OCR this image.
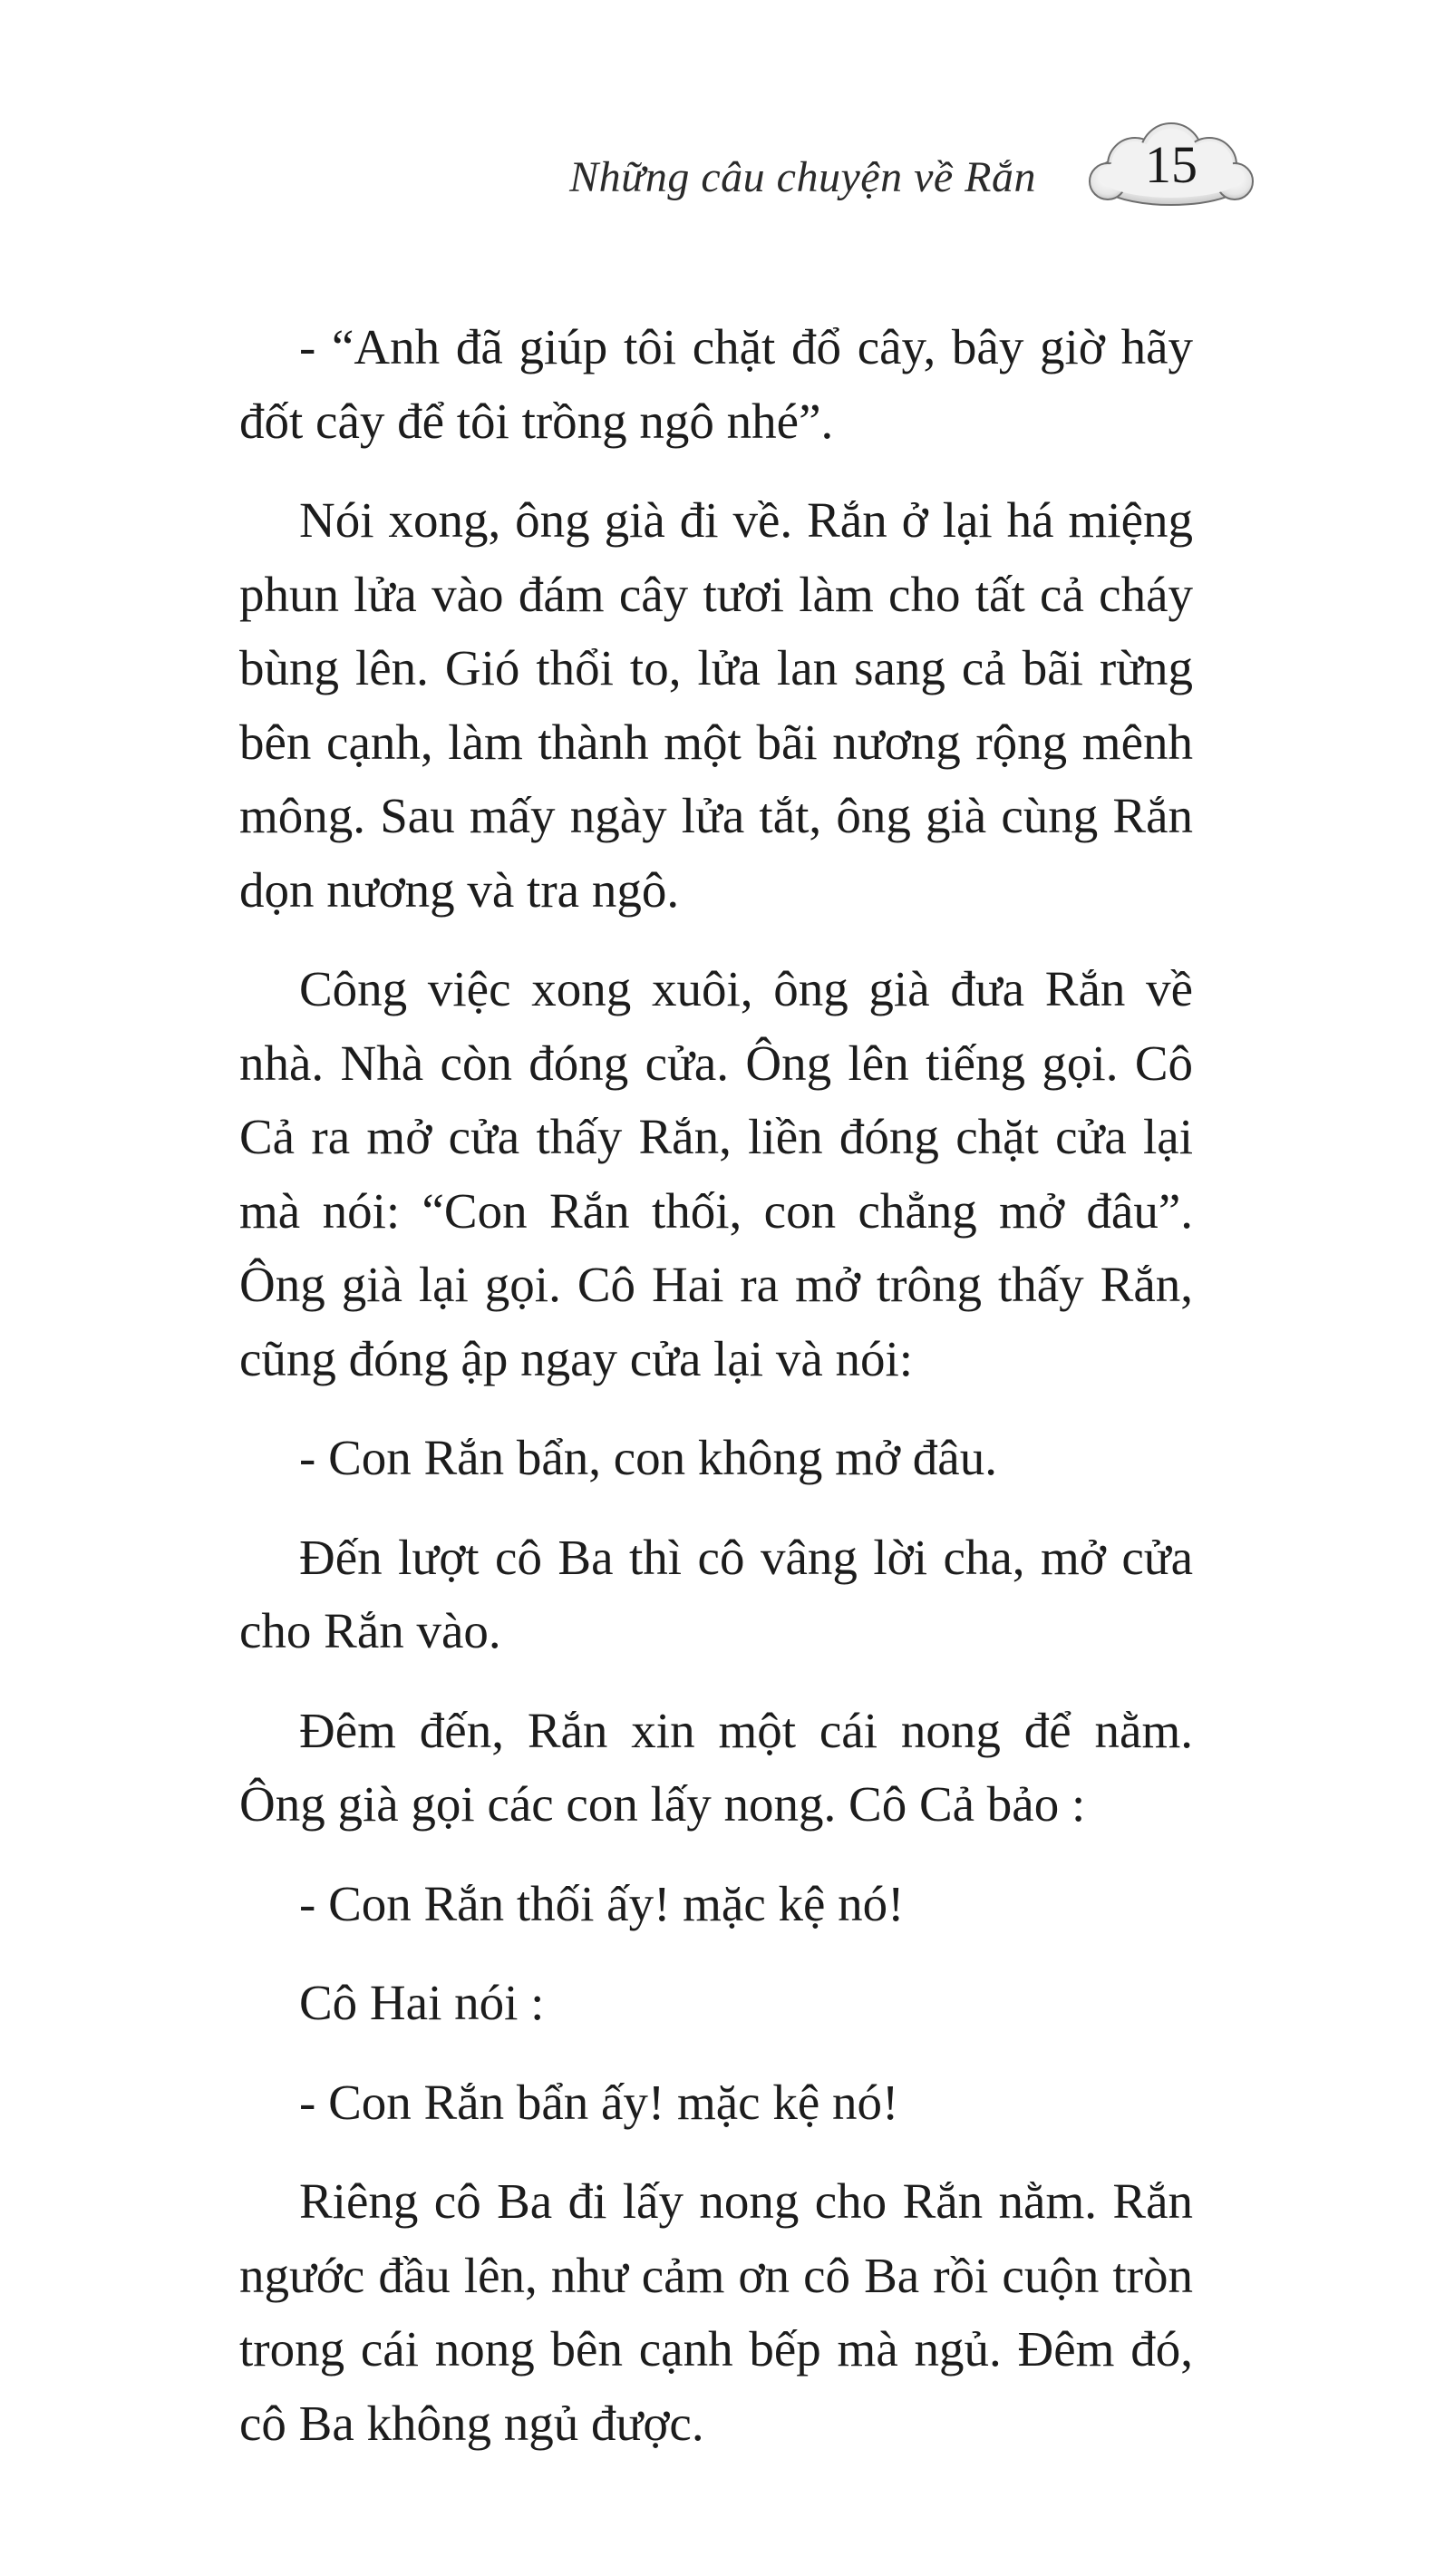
Những câu chuyện về Rắn	15

- “Anh đã giúp tôi chặt đổ cây, bây giờ hãy đốt cây để tôi trồng ngô nhé”.

Nói xong, ông già đi về. Rắn ở lại há miệng phun lửa vào đám cây tươi làm cho tất cả cháy bùng lên. Gió thổi to, lửa lan sang cả bãi rừng bên cạnh, làm thành một bãi nương rộng mênh mông. Sau mấy ngày lửa tắt, ông già cùng Rắn dọn nương và tra ngô.

Công việc xong xuôi, ông già đưa Rắn về nhà. Nhà còn đóng cửa. Ông lên tiếng gọi. Cô Cả ra mở cửa thấy Rắn, liền đóng chặt cửa lại mà nói: “Con Rắn thối, con chẳng mở đâu”. Ông già lại gọi. Cô Hai ra mở trông thấy Rắn, cũng đóng ập ngay cửa lại và nói:

- Con Rắn bẩn, con không mở đâu.

Đến lượt cô Ba thì cô vâng lời cha, mở cửa cho Rắn vào.

Đêm đến, Rắn xin một cái nong để nằm. Ông già gọi các con lấy nong. Cô Cả bảo :

- Con Rắn thối ấy! mặc kệ nó!

Cô Hai nói :

- Con Rắn bẩn ấy! mặc kệ nó!

Riêng cô Ba đi lấy nong cho Rắn nằm. Rắn ngước đầu lên, như cảm ơn cô Ba rồi cuộn tròn trong cái nong bên cạnh bếp mà ngủ. Đêm đó, cô Ba không ngủ được.
